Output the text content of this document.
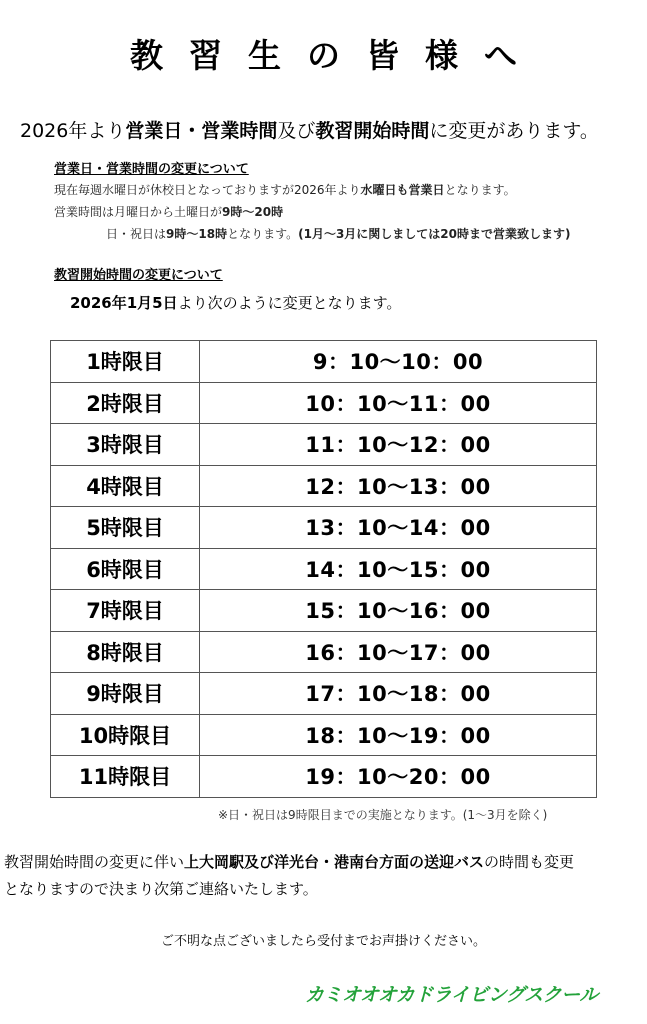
教習生の皆様へ
2026年より営業日・営業時間及び教習開始時間に変更があります。
営業日・営業時間の変更について
現在毎週水曜日が休校日となっておりますが2026年より水曜日も営業日となります。
営業時間は月曜日から土曜日が9時～20時
日・祝日は9時～18時となります。(1月～3月に関しましては20時まで営業致します)
教習開始時間の変更について
2026年1月5日より次のように変更となります。
1時限目	9：10～10：00
2時限目	10：10～11：00
3時限目	11：10～12：00
4時限目	12：10～13：00
5時限目	13：10～14：00
6時限目	14：10～15：00
7時限目	15：10～16：00
8時限目	16：10～17：00
9時限目	17：10～18：00
10時限目	18：10～19：00
11時限目	19：10～20：00
※日・祝日は9時限目までの実施となります。(1～3月を除く)
教習開始時間の変更に伴い上大岡駅及び洋光台・港南台方面の送迎バスの時間も変更
となりますので決まり次第ご連絡いたします。
ご不明な点ございましたら受付までお声掛けください。
カミオオオカドライビングスクール
